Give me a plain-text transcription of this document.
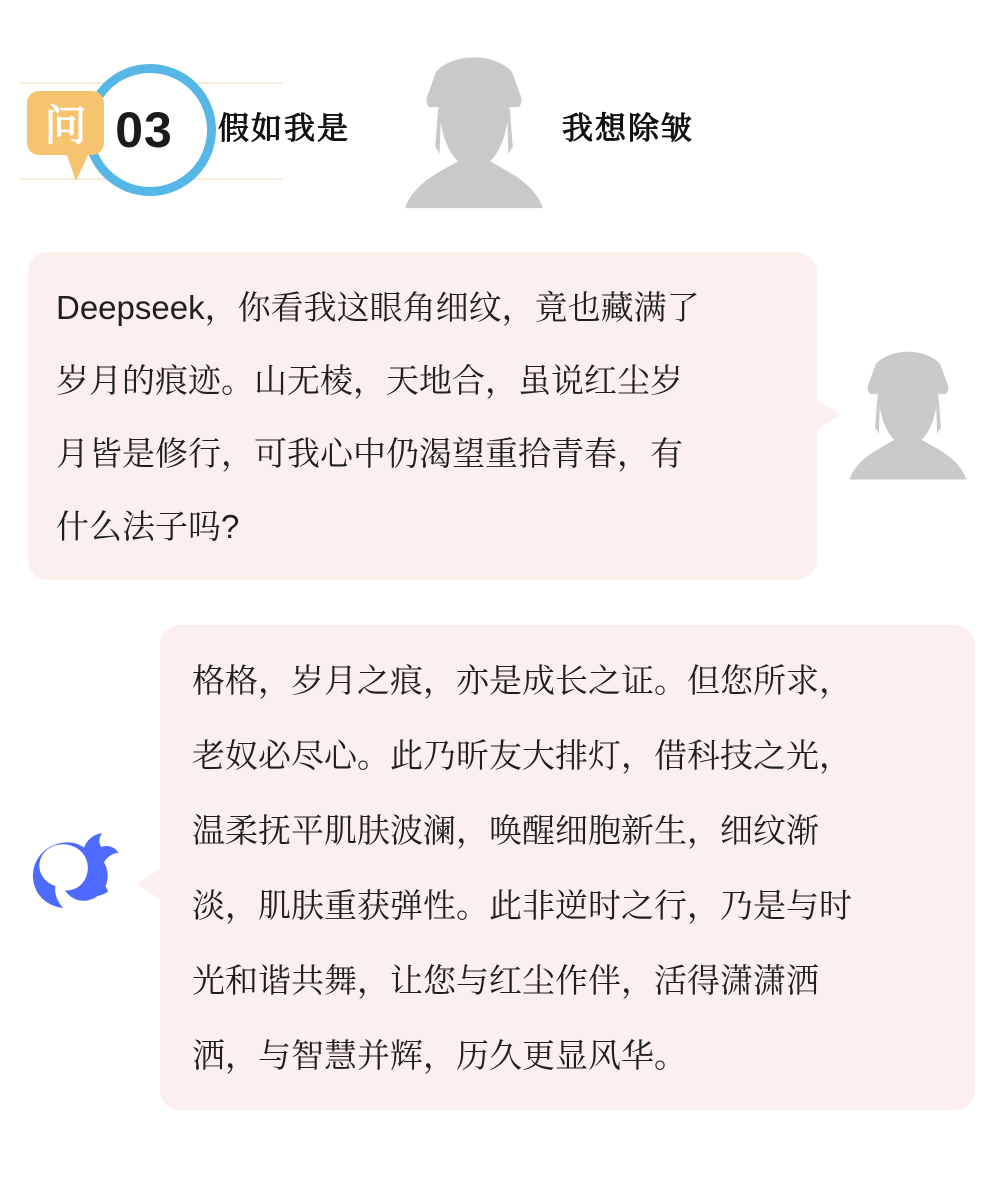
03
问	假如我是	我想除皱
Deepseek，你看我这眼角细纹，竟也藏满了
岁月的痕迹。山无棱，天地合，虽说红尘岁
月皆是修行，可我心中仍渴望重拾青春，有
什么法子吗?
格格，岁月之痕，亦是成长之证。但您所求，
老奴必尽心。此乃昕友大排灯，借科技之光，
温柔抚平肌肤波澜，唤醒细胞新生，细纹渐
淡，肌肤重获弹性。此非逆时之行，乃是与时
光和谐共舞，让您与红尘作伴，活得潇潇洒
洒，与智慧并辉，历久更显风华。
